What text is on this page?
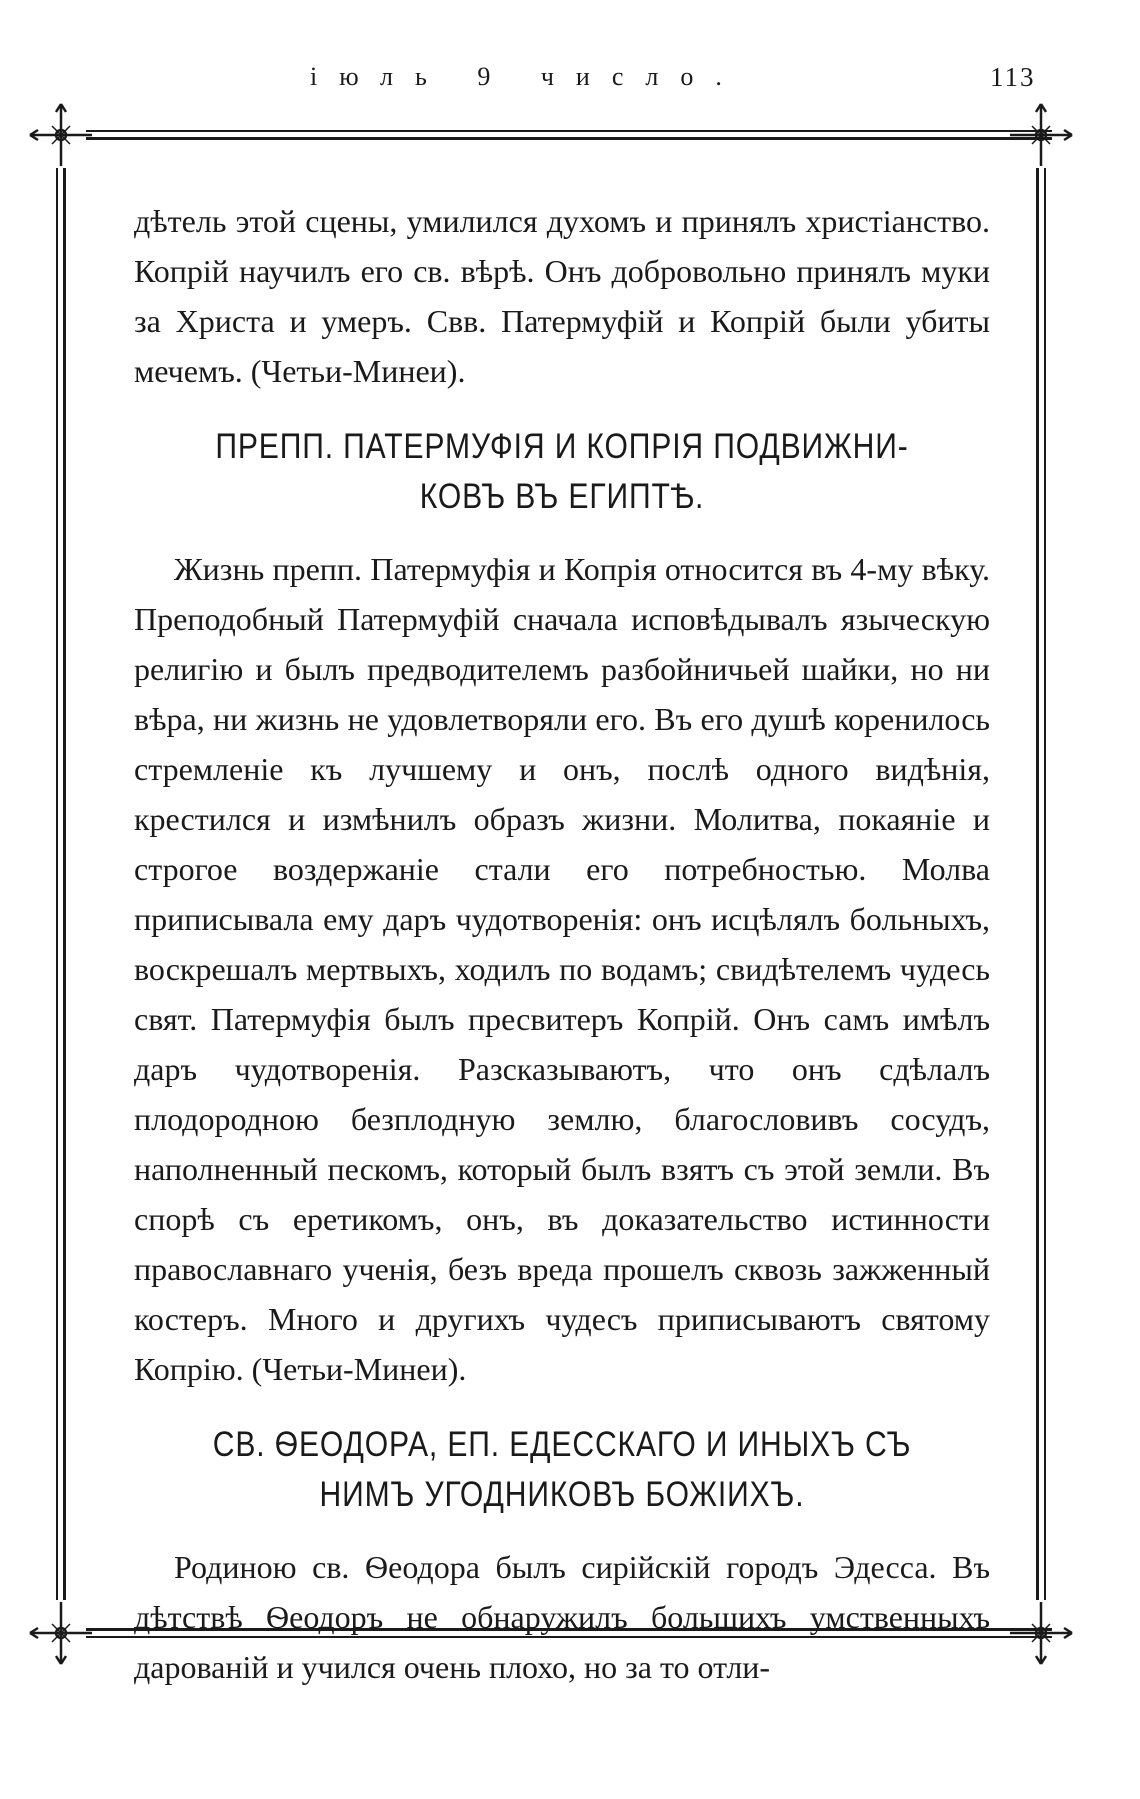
іюль 9 число.	113

дѣтель этой сцены, умилился духомъ и принялъ христіанство. Копрій научилъ его св. вѣрѣ. Онъ добровольно принялъ муки за Христа и умеръ. Свв. Патермуфій и Копрій были убиты мечемъ. (Четьи-Минеи).

ПРЕПП. ПАТЕРМУФІЯ И КОПРІЯ ПОДВИЖНИ-

КОВЪ ВЪ ЕГИПТѢ.

Жизнь препп. Патермуфія и Копрія относится въ 4-му вѣку. Преподобный Патермуфій сначала исповѣдывалъ языческую религію и былъ предводителемъ разбойничьей шайки, но ни вѣра, ни жизнь не удовлетворяли его. Въ его душѣ коренилось стремленіе къ лучшему и онъ, послѣ одного видѣнія, крестился и измѣнилъ образъ жизни. Молитва, покаяніе и строгое воздержаніе стали его потребностью. Молва приписывала ему даръ чудотворенія: онъ исцѣлялъ больныхъ, воскрешалъ мертвыхъ, ходилъ по водамъ; свидѣтелемъ чудесь свят. Патермуфія былъ пресвитеръ Копрій. Онъ самъ имѣлъ даръ чудотворенія. Разсказываютъ, что онъ сдѣлалъ плодородною безплодную землю, благословивъ сосудъ, наполненный пескомъ, который былъ взятъ съ этой земли. Въ спорѣ съ еретикомъ, онъ, въ доказательство истинности православнаго ученія, безъ вреда прошелъ сквозь зажженный костеръ. Много и другихъ чудесъ приписываютъ святому Копрію. (Четьи-Минеи).

СВ. ѲЕОДОРА, ЕП. ЕДЕССКАГО И ИНЫХЪ СЪ

НИМЪ УГОДНИКОВЪ БОЖІИХЪ.

Родиною св. Ѳеодора былъ сирійскій городъ Эдесса. Въ дѣтствѣ Ѳеодоръ не обнаружилъ большихъ умственныхъ дарованій и учился очень плохо, но за то отли-
